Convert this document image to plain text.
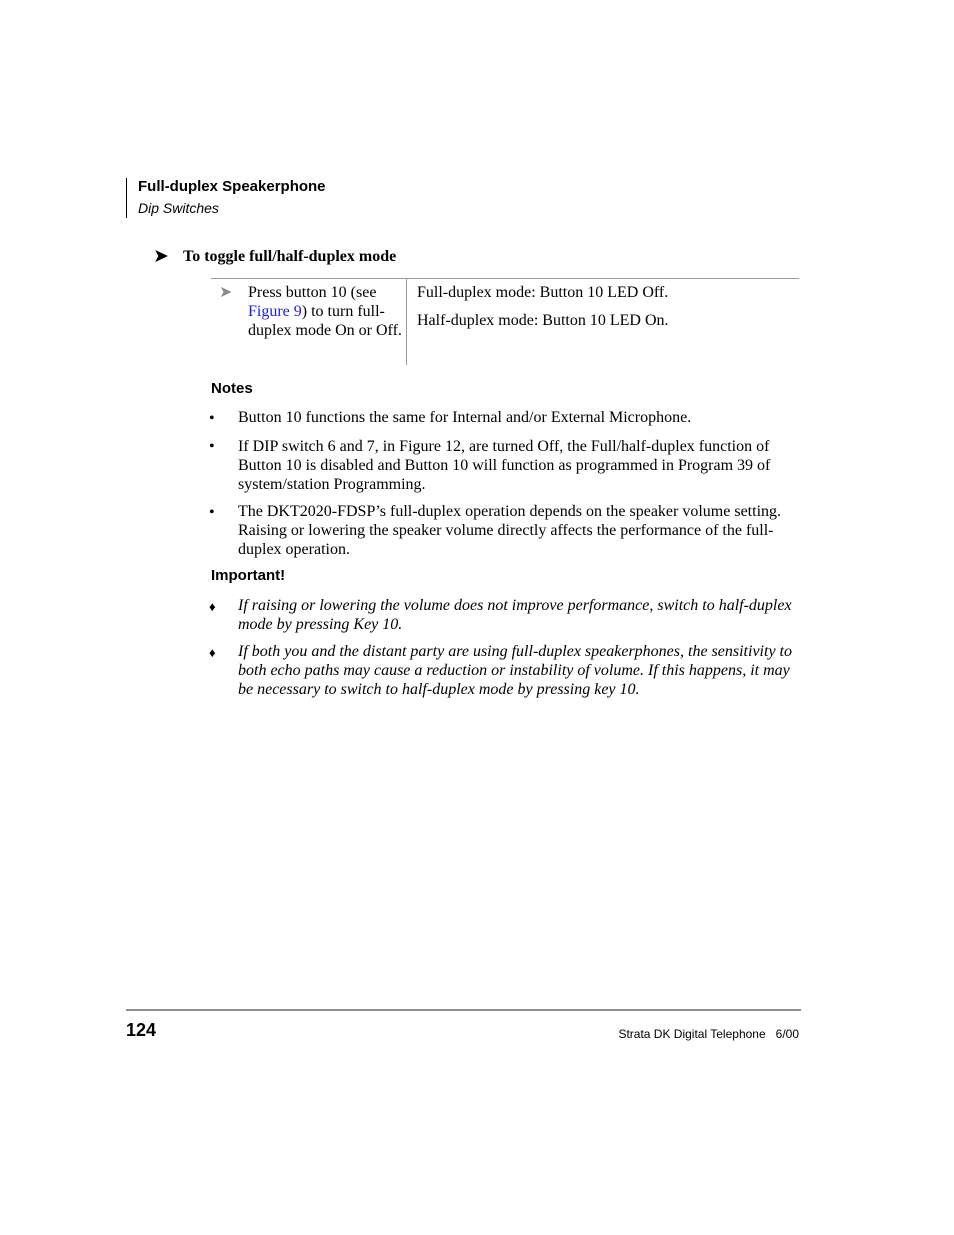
Full-duplex Speakerphone
Dip Switches
➤ To toggle full/half-duplex mode
➤ Press button 10 (see Figure 9) to turn full-duplex mode On or Off.
Full-duplex mode: Button 10 LED Off.
Half-duplex mode: Button 10 LED On.
Notes
• Button 10 functions the same for Internal and/or External Microphone.
• If DIP switch 6 and 7, in Figure 12, are turned Off, the Full/half-duplex function of Button 10 is disabled and Button 10 will function as programmed in Program 39 of system/station Programming.
• The DKT2020-FDSP’s full-duplex operation depends on the speaker volume setting. Raising or lowering the speaker volume directly affects the performance of the full-duplex operation.
Important!
♦ If raising or lowering the volume does not improve performance, switch to half-duplex mode by pressing Key 10.
♦ If both you and the distant party are using full-duplex speakerphones, the sensitivity to both echo paths may cause a reduction or instability of volume. If this happens, it may be necessary to switch to half-duplex mode by pressing key 10.
124	Strata DK Digital Telephone   6/00
